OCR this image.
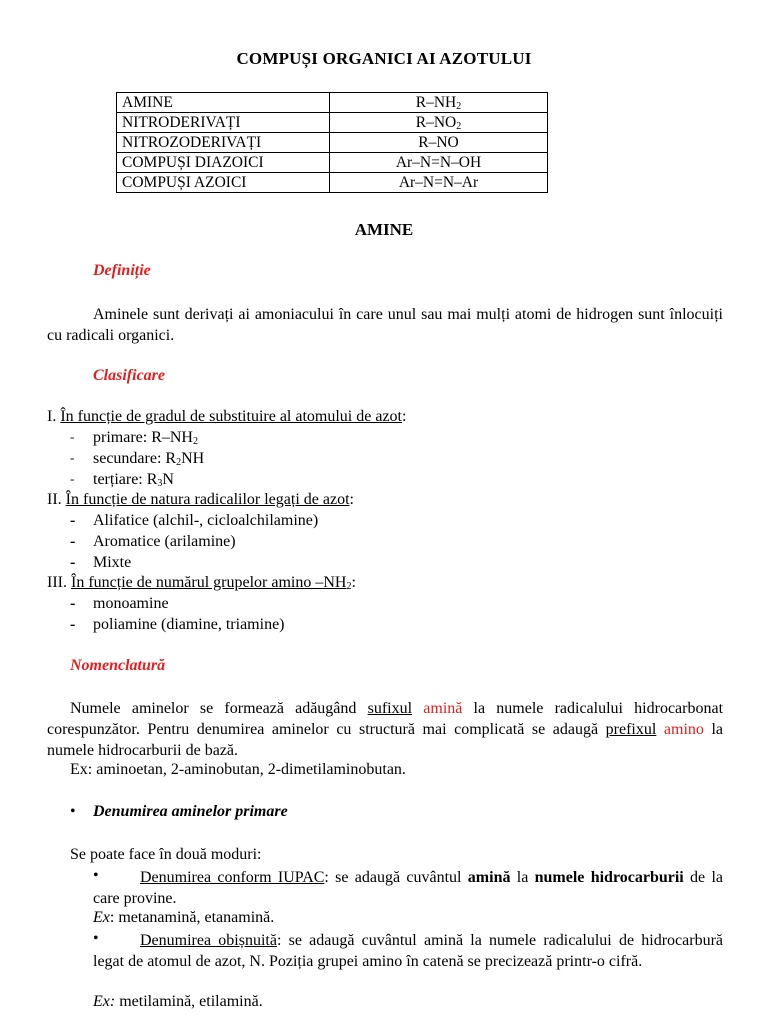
COMPUȘI ORGANICI AI AZOTULUI
AMINE	$R-NH_2$
NITRODERIVAȚI	$R-NO_2$
NITROZODERIVAȚI	R–NO
COMPUȘI DIAZOICI	Ar–N=N–OH
COMPUȘI AZOICI	Ar–N=N–Ar
AMINE
Definiție

Aminele sunt derivați ai amoniacului în care unul sau mai mulți atomi de hidrogen sunt înlocuiți cu radicali organici.

Clasificare
I. În funcție de gradul de substituire al atomului de azot:
- primare: $R-NH_2$
- secundare: $R_2NH$
- terțiare: $R_3N$
II. În funcție de natura radicalilor legați de azot:
- Alifatice (alchil-, cicloalchilamine)
- Aromatice (arilamine)
- Mixte
III. În funcție de numărul grupelor amino $-NH_2$:
- monoamine
- poliamine (diamine, triamine)
Nomenclatură

Numele aminelor se formează adăugând sufixul amină la numele radicalului hidrocarbonat corespunzător. Pentru denumirea aminelor cu structură mai complicată se adaugă prefixul amino la numele hidrocarburii de bază.

Ex: aminoetan, 2-aminobutan, 2-dimetilaminobutan.
• Denumirea aminelor primare
Se poate face în două moduri:
•	Denumirea conform IUPAC: se adaugă cuvântul amină la numele hidrocarburii de la care provine.

Ex: metanamină, etanamină.
•	Denumirea obișnuită: se adaugă cuvântul amină la numele radicalului de hidrocarbură legat de atomul de azot, N. Poziția grupei amino în catenă se precizează printr-o cifră.

Ex: metilamină, etilamină.
